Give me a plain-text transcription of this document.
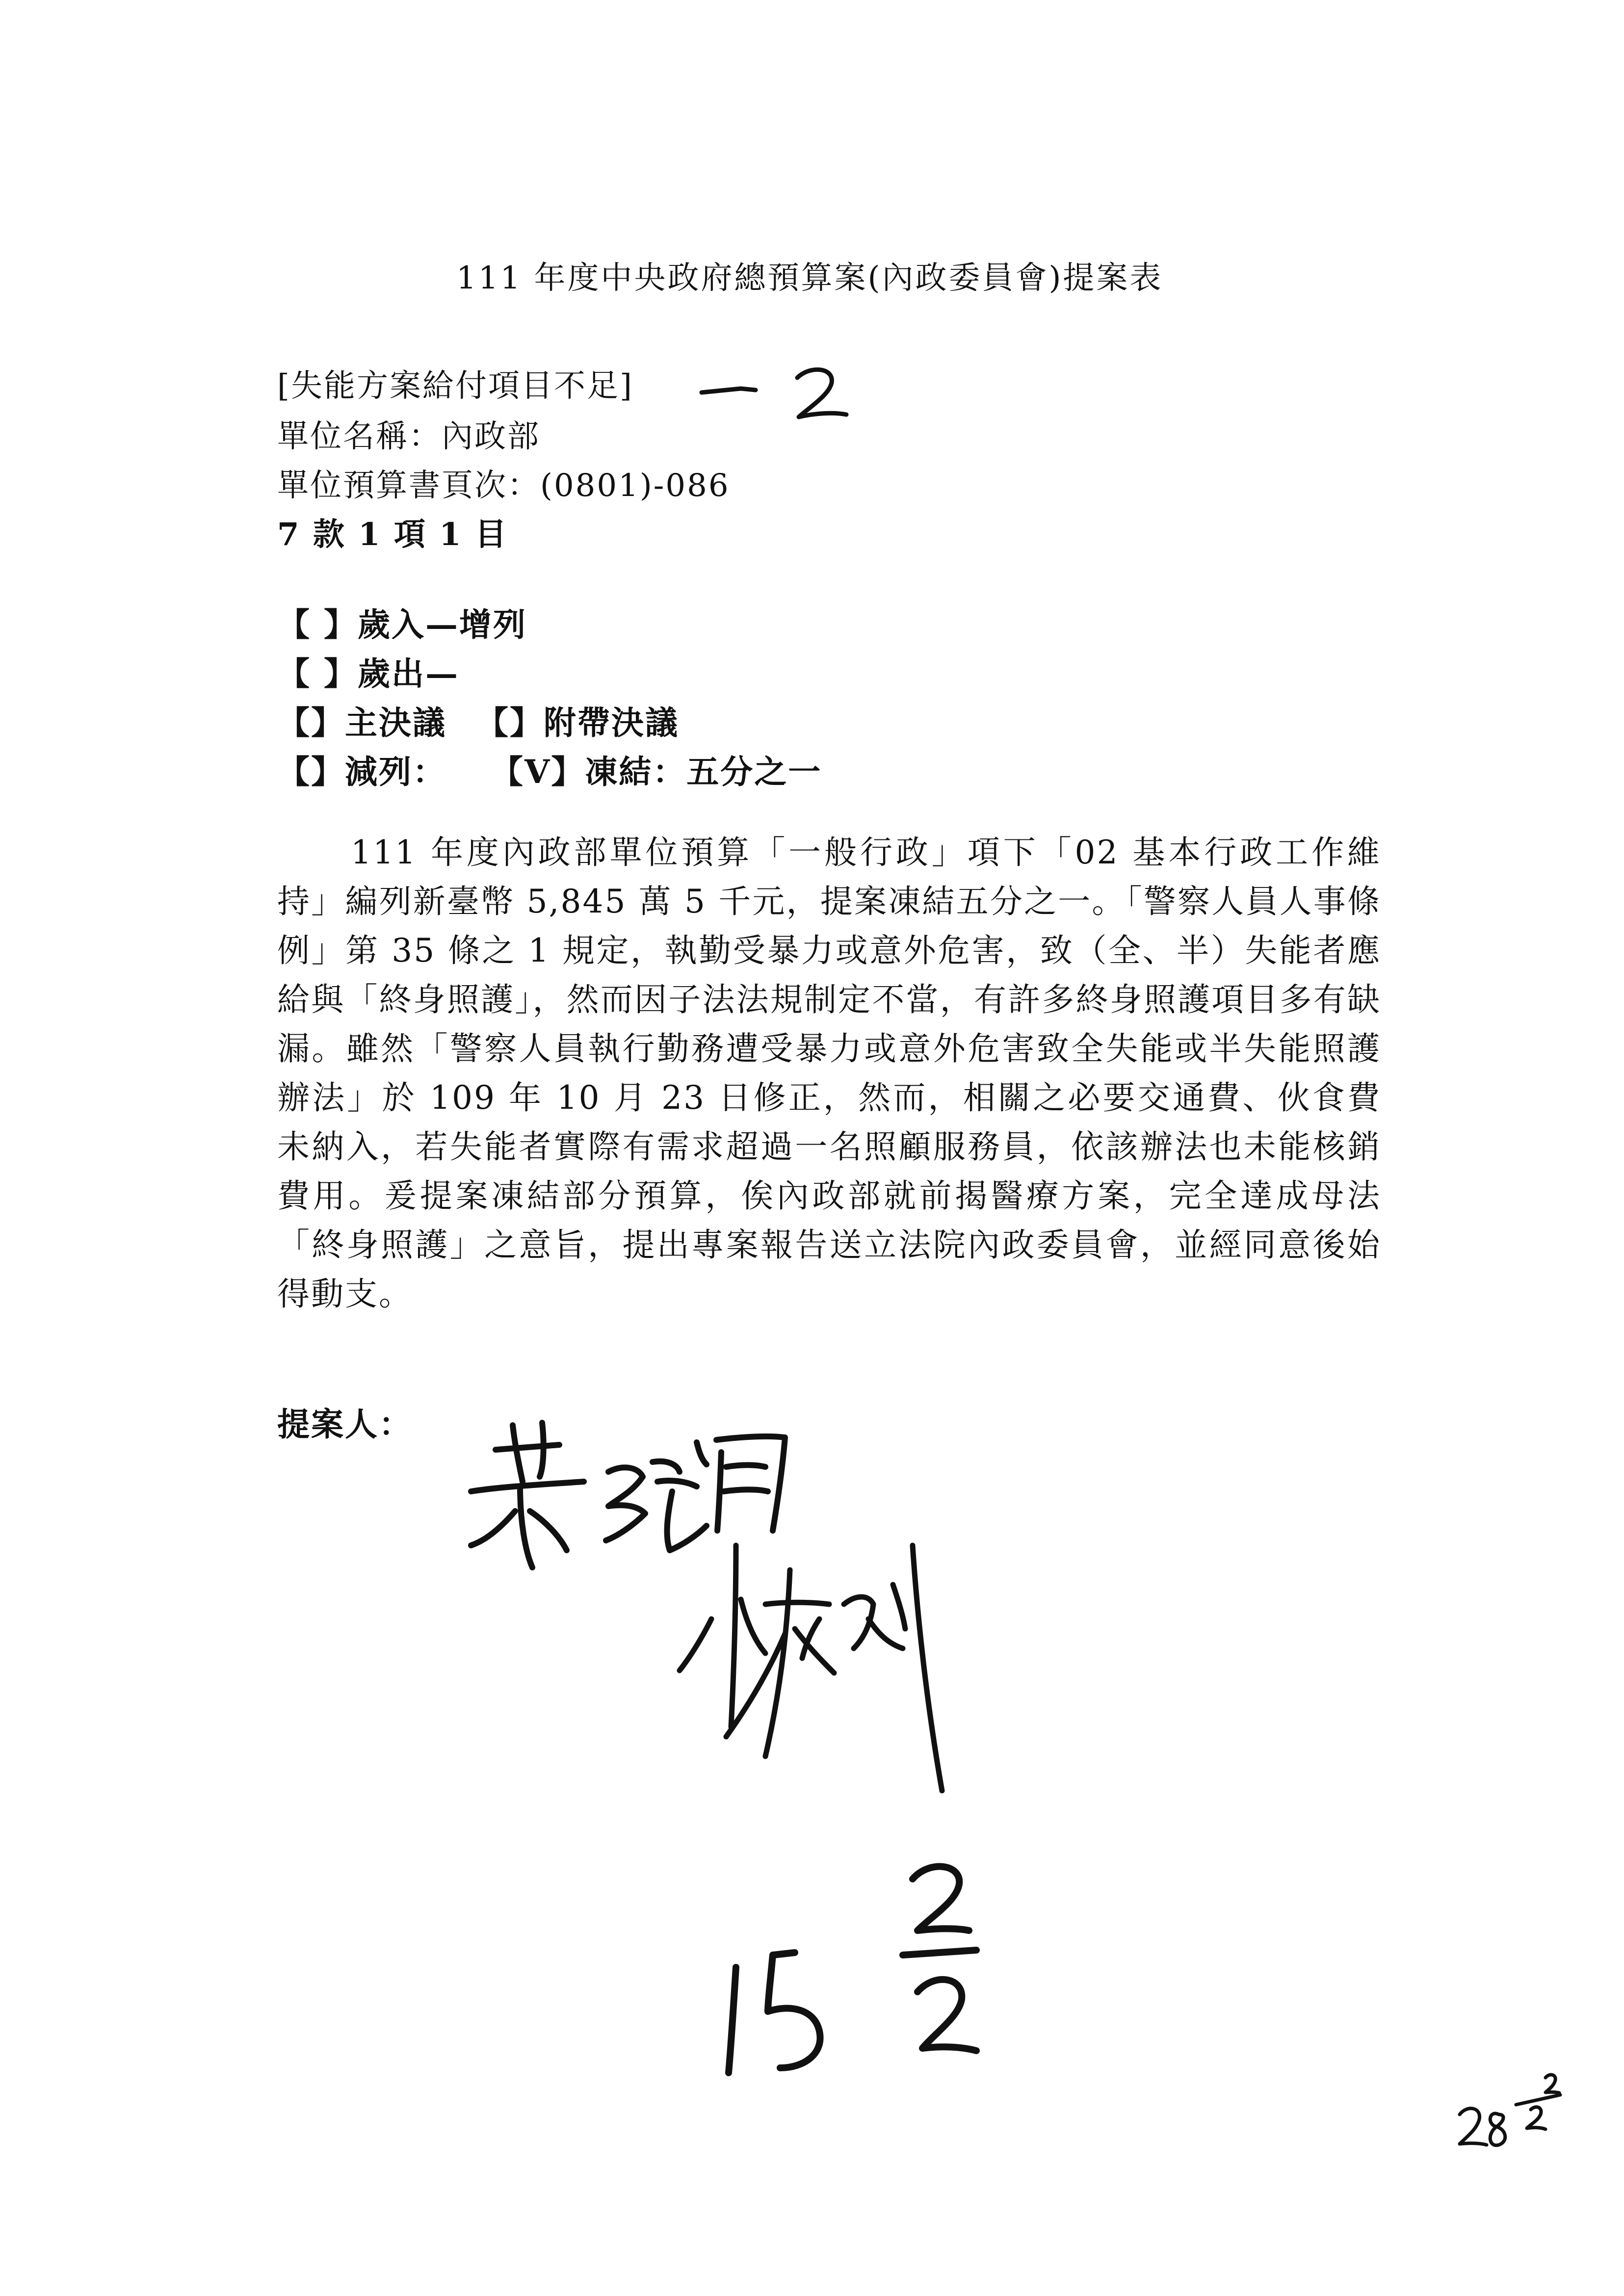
111 年度中央政府總預算案(內政委員會)提案表
[失能方案給付項目不足]
單位名稱：內政部
單位預算書頁次：(0801)-086
7 款 1 項 1 目
【 】歲入—增列
【 】歲出—
【】主決議 【】附帶決議
【】減列： 【V】凍結：五分之一
111 年度內政部單位預算「一般行政」項下「02 基本行政工作維持」編列新臺幣 5,845 萬 5 千元，提案凍結五分之一。「警察人員人事條例」第 35 條之 1 規定，執勤受暴力或意外危害，致（全、半）失能者應給與「終身照護」，然而因子法法規制定不當，有許多終身照護項目多有缺漏。雖然「警察人員執行勤務遭受暴力或意外危害致全失能或半失能照護辦法」於 109 年 10 月 23 日修正，然而，相關之必要交通費、伙食費未納入，若失能者實際有需求超過一名照顧服務員，依該辦法也未能核銷費用。爰提案凍結部分預算，俟內政部就前揭醫療方案，完全達成母法「終身照護」之意旨，提出專案報告送立法院內政委員會，並經同意後始得動支。
提案人：
